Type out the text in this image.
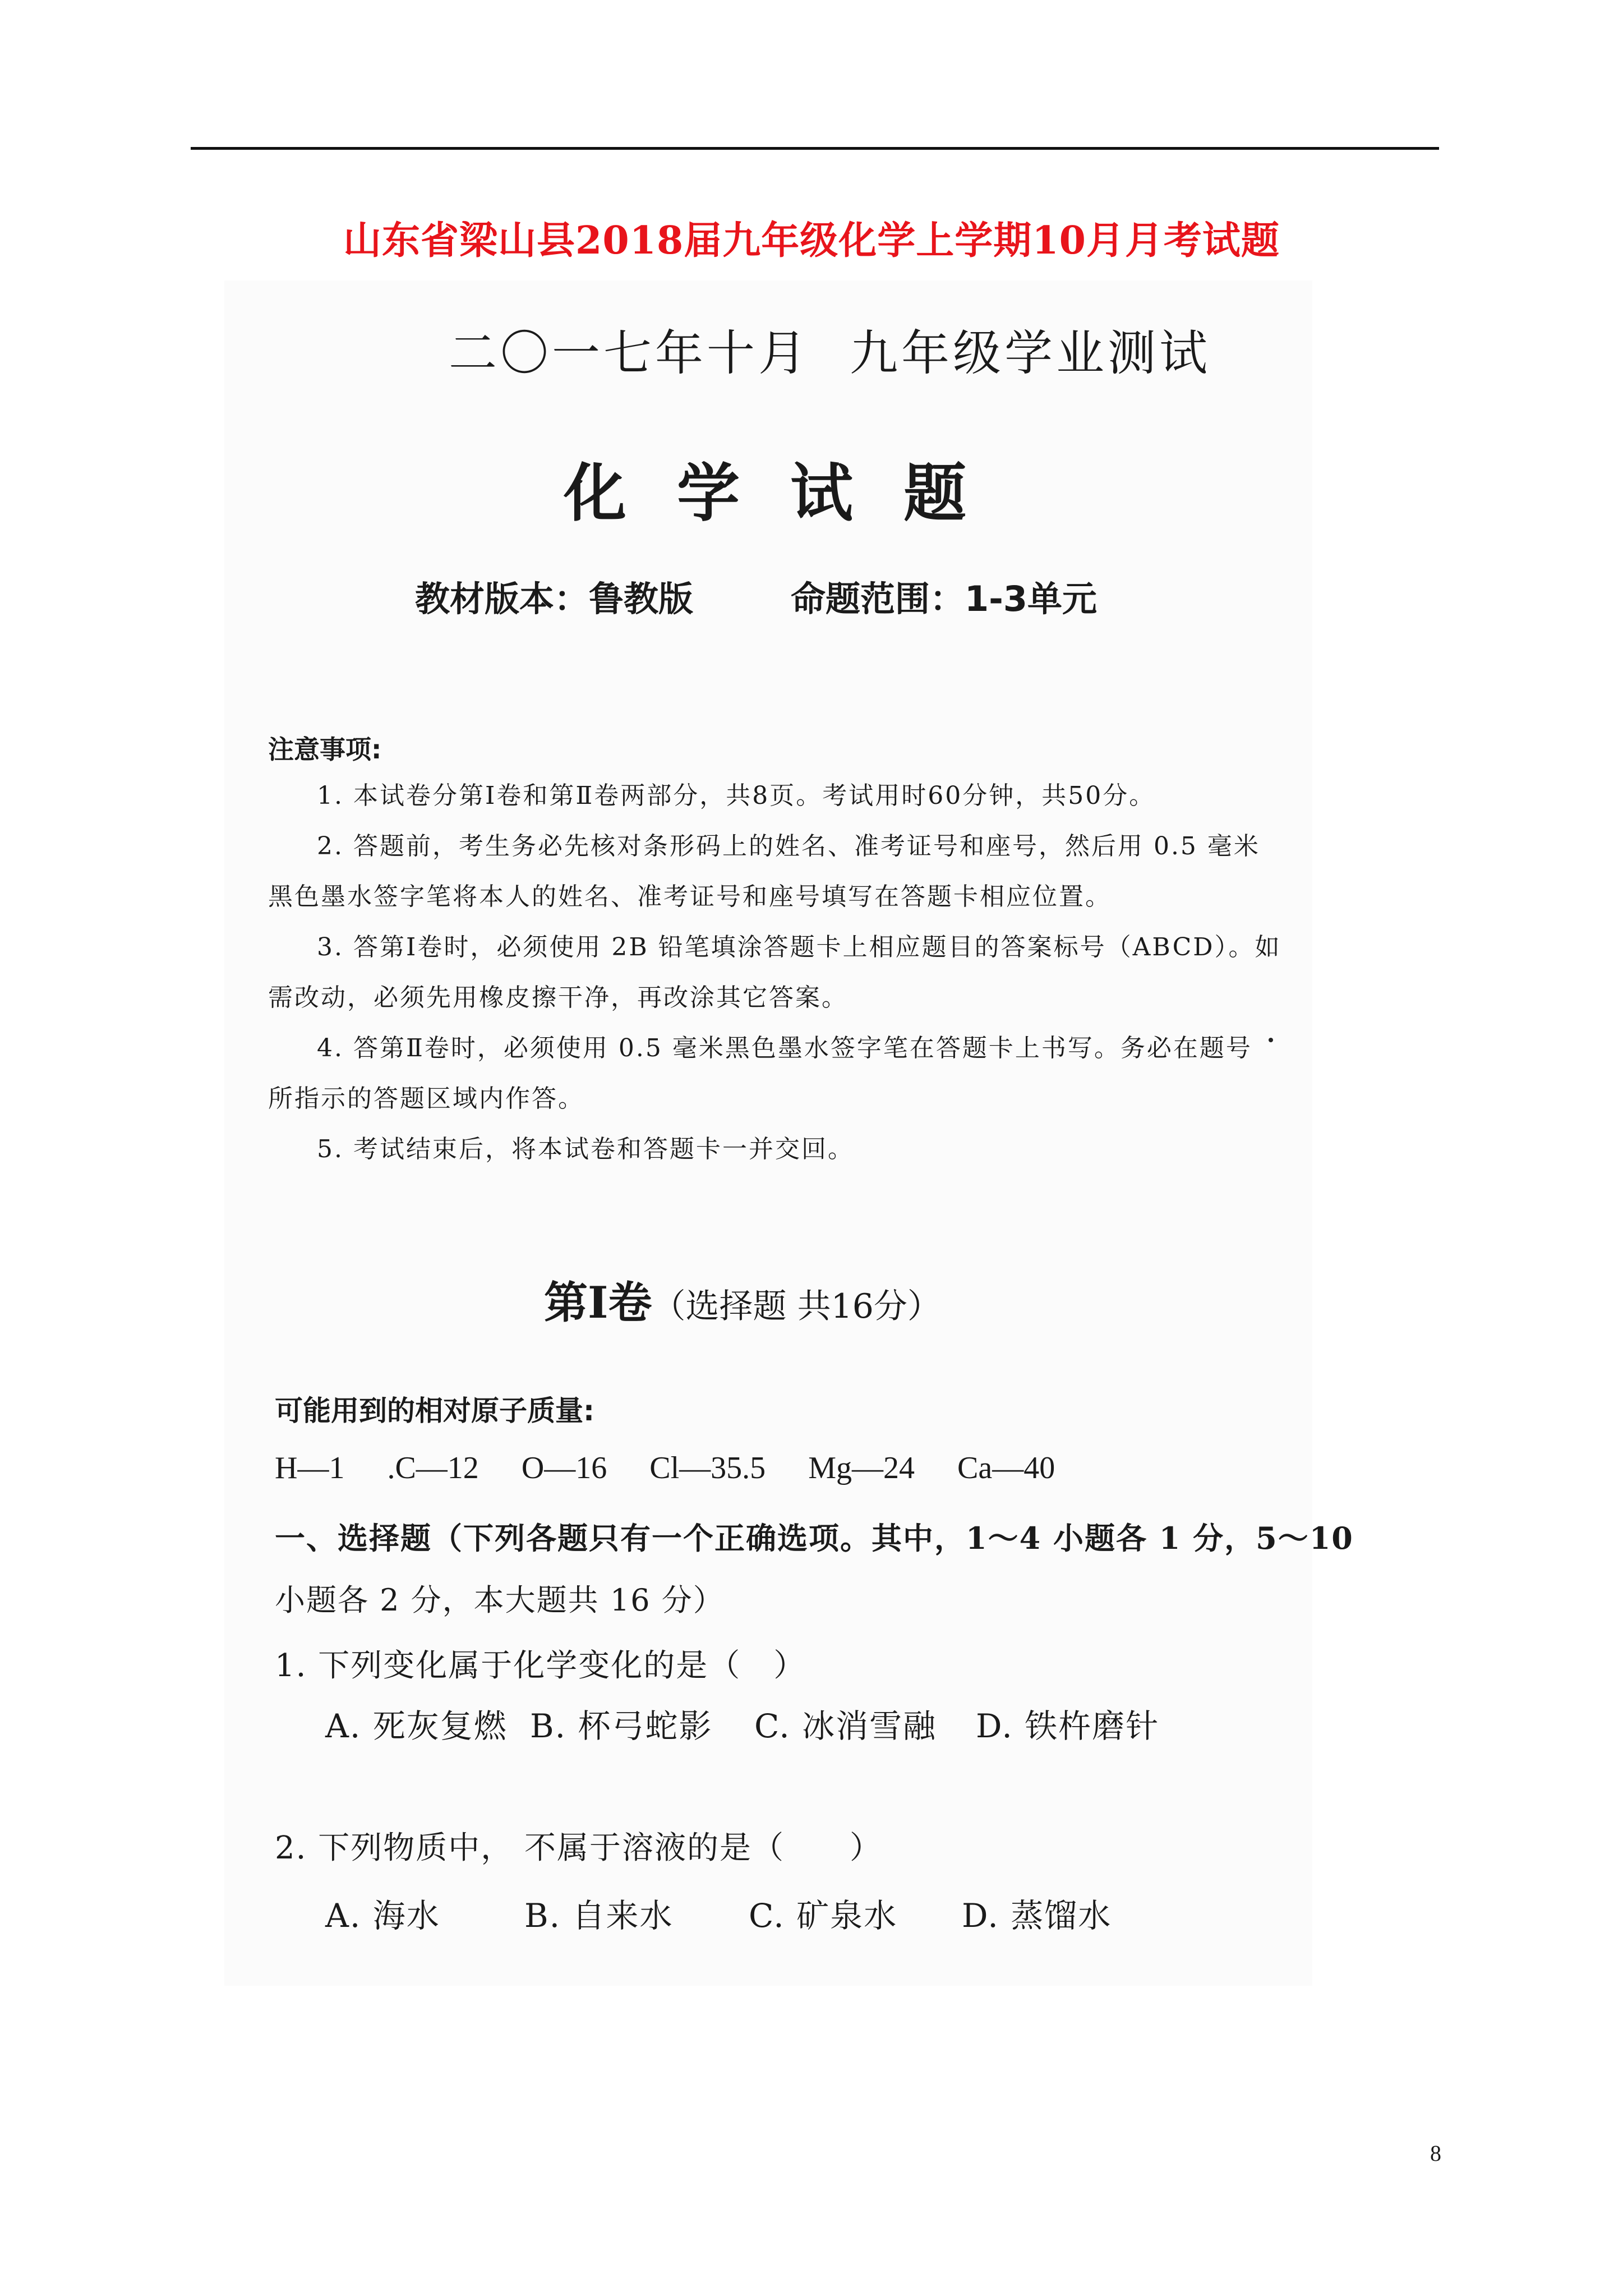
山东省梁山县2018届九年级化学上学期10月月考试题
二〇一七年十月 九年级学业测试
化学试题
教材版本：鲁教版	命题范围：1-3单元
注意事项:
1. 本试卷分第Ⅰ卷和第Ⅱ卷两部分，共8页。考试用时60分钟，共50分。
2. 答题前，考生务必先核对条形码上的姓名、准考证号和座号，然后用 0.5 毫米
黑色墨水签字笔将本人的姓名、准考证号和座号填写在答题卡相应位置。
3. 答第Ⅰ卷时，必须使用 2B 铅笔填涂答题卡上相应题目的答案标号（ABCD）。如
需改动，必须先用橡皮擦干净，再改涂其它答案。
4. 答第Ⅱ卷时，必须使用 0.5 毫米黑色墨水签字笔在答题卡上书写。务必在题号
所指示的答题区域内作答。
5. 考试结束后，将本试卷和答题卡一并交回。
第Ⅰ卷（选择题 共16分）
可能用到的相对原子质量:
H—1 .C—12 O—16 Cl—35.5 Mg—24 Ca—40
一、选择题（下列各题只有一个正确选项。其中，1～4 小题各 1 分，5～10
小题各 2 分，本大题共 16 分）
1. 下列变化属于化学变化的是（　）
A. 死灰复燃 B. 杯弓蛇影 C. 冰消雪融 D. 铁杵磨针
2. 下列物质中， 不属于溶液的是（　　）
A. 海水	B. 自来水 C. 矿泉水 D. 蒸馏水
8
